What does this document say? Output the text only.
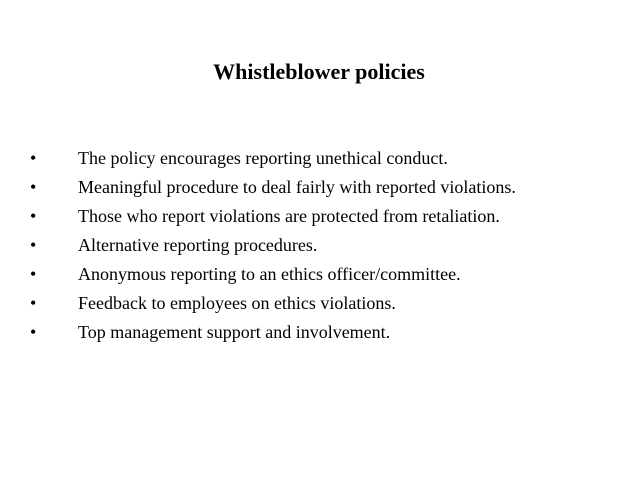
Whistleblower policies
•	The policy encourages reporting unethical conduct.
•	Meaningful procedure to deal fairly with reported violations.
•	Those who report violations are protected from retaliation.
•	Alternative reporting procedures.
•	Anonymous reporting to an ethics officer/committee.
•	Feedback to employees on ethics violations.
•	Top management support and involvement.
